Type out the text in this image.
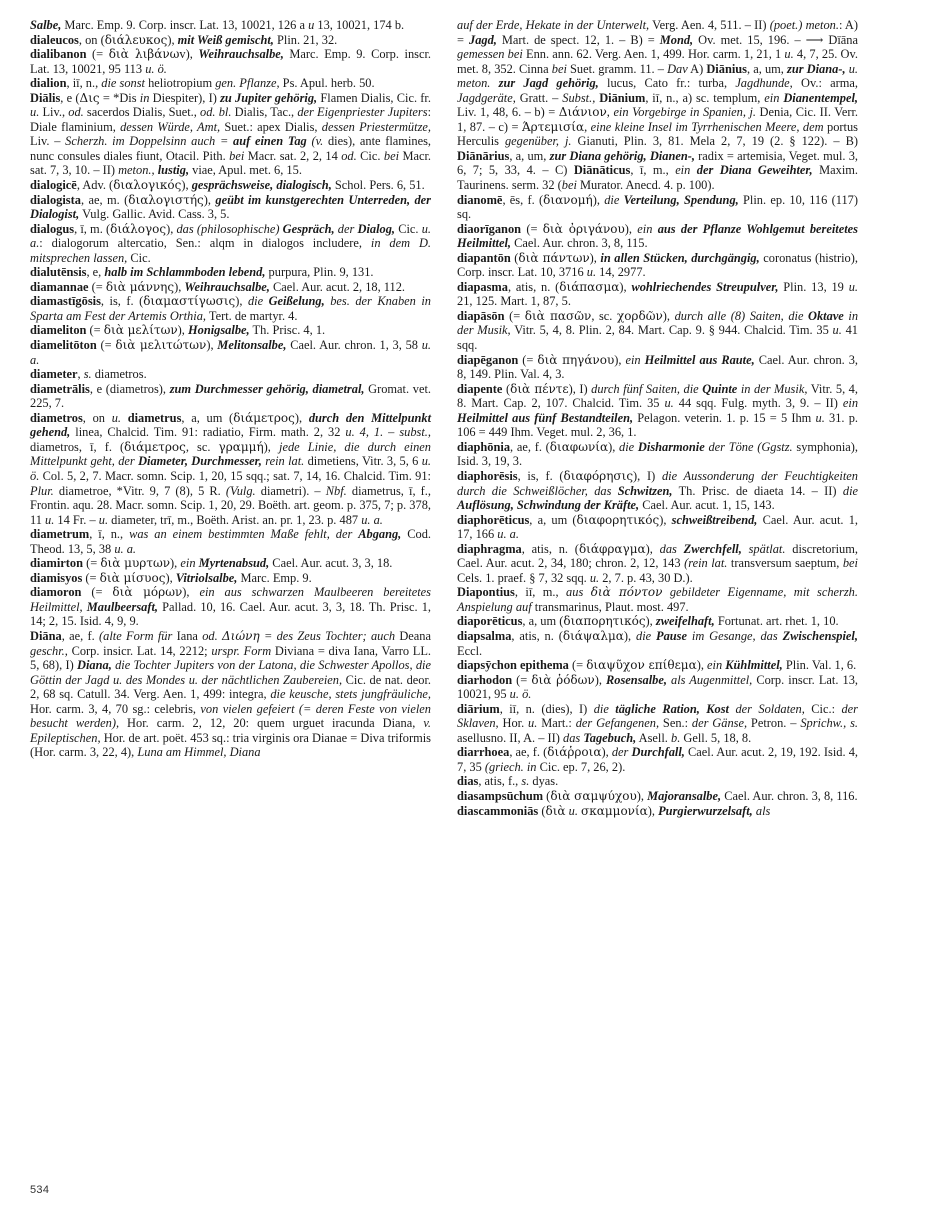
Salbe, Marc. Emp. 9. Corp. inscr. Lat. 13, 10021, 126 a u 13, 10021, 174 b.

dialeucos, on (διάλευκος), mit Weiß gemischt, Plin. 21, 32.

dialibanon (= διὰ λιβάνωv), Weihrauchsalbe, Marc. Emp. 9. Corp. inscr. Lat. 13, 10021, 95 113 u. ö.

dialion, iī, n., die sonst heliotropium gen. Pflanze, Ps. Apul. herb. 50.

Diālis, e (Δις = *Dis in Diespiter), I) zu Jupiter gehörig, Flamen Dialis, Cic. fr. u. Liv., od. sacerdos Dialis, Suet., od. bl. Dialis, Tac., der Eigenpriester Jupiters: Diale flaminium, dessen Würde, Amt, Suet.: apex Dialis, dessen Priestermütze, Liv. – Scherzh. im Doppelsinn auch = auf einen Tag (v. dies), ante flamines, nunc consules diales fiunt, Otacil. Pith. bei Macr. sat. 2, 2, 14 od. Cic. bei Macr. sat. 7, 3, 10. – II) meton., lustig, viae, Apul. met. 6, 15.

dialogicē, Adv. (διαλογικός), gesprächsweise, dialogisch, Schol. Pers. 6, 51.

dialogista, ae, m. (διαλογιστής), geübt im kunstgerechten Unterreden, der Dialogist, Vulg. Gallic. Avid. Cass. 3, 5.

dialogus, ī, m. (διάλογος), das (philosophische) Gespräch, der Dialog, Cic. u. a.: dialogorum altercatio, Sen.: alqm in dialogos includere, in dem D. mitsprechen lassen, Cic.

dialutēnsis, e, halb im Schlammboden lebend, purpura, Plin. 9, 131.

diamannae (= διὰ μάννης), Weihrauchsalbe, Cael. Aur. acut. 2, 18, 112.

diamastīgōsis, is, f. (διαμαστίγωσις), die Geißelung, bes. der Knaben in Sparta am Fest der Artemis Orthia, Tert. de martyr. 4.

diameliton (= διὰ μελίτων), Honigsalbe, Th. Prisc. 4, 1.

diamelitōton (= διὰ μελιτώτων), Melitonsalbe, Cael. Aur. chron. 1, 3, 58 u. a.

diameter, s. diametros.

diametrālis, e (diametros), zum Durchmesser gehörig, diametral, Gromat. vet. 225, 7.

diametros, on u. diametrus, a, um (διάμετρος), durch den Mittelpunkt gehend, linea, Chalcid. Tim. 91: radiatio, Firm. math. 2, 32 u. 4, 1. – subst., diametros, ī, f. (διάμετρος, sc. γραμμή), jede Linie, die durch einen Mittelpunkt geht, der Diameter, Durchmesser, rein lat. dimetiens, Vitr. 3, 5, 6 u. ö. Col. 5, 2, 7. Macr. somn. Scip. 1, 20, 15 sqq.; sat. 7, 14, 16. Chalcid. Tim. 91: Plur. diametroe, *Vitr. 9, 7 (8), 5 R. (Vulg. diametri). – Nbf. diametrus, ī, f., Frontin. aqu. 28. Macr. somn. Scip. 1, 20, 29. Boëth. art. geom. p. 375, 7; p. 378, 11 u. 14 Fr. – u. diameter, trī, m., Boëth. Arist. an. pr. 1, 23. p. 487 u. a.

diametrum, ī, n., was an einem bestimmten Maße fehlt, der Abgang, Cod. Theod. 13, 5, 38 u. a.

diamirton (= διὰ μυρτων), ein Myrtenabsud, Cael. Aur. acut. 3, 3, 18.

diamisyos (= διὰ μίσυος), Vitriolsalbe, Marc. Emp. 9.

diamoron (= διὰ μόρων), ein aus schwarzen Maulbeeren bereitetes Heilmittel, Maulbeersaft, Pallad. 10, 16. Cael. Aur. acut. 3, 3, 18. Th. Prisc. 1, 14; 2, 15. Isid. 4, 9, 9.

Diāna, ae, f. (alte Form für Iana od. Διώνη = des Zeus Tochter; auch Deana geschr., Corp. insicr. Lat. 14, 2212; urspr. Form Diviana = diva Iana, Varro LL. 5, 68), I) Diana, die Tochter Jupiters von der Latona, die Schwester Apollos, die Göttin der Jagd u. des Mondes u. der nächtlichen Zaubereien, Cic. de nat. deor. 2, 68 sq. Catull. 34. Verg. Aen. 1, 499: integra, die keusche, stets jungfräuliche, Hor. carm. 3, 4, 70 sg.: celebris, von vielen gefeiert (= deren Feste von vielen besucht werden), Hor. carm. 2, 12, 20: quem urguet iracunda Diana, v. Epileptischen, Hor. de art. poët. 453 sq.: tria virginis ora Dianae = Diva triformis (Hor. carm. 3, 22, 4), Luna am Himmel, Diana

auf der Erde, Hekate in der Unterwelt, Verg. Aen. 4, 511. – II) (poet.) meton.: A) = Jagd, Mart. de spect. 12, 1. – B) = Mond, Ov. met. 15, 196. – ⟶ Dīāna gemessen bei Enn. ann. 62. Verg. Aen. 1, 499. Hor. carm. 1, 21, 1 u. 4, 7, 25. Ov. met. 8, 352. Cinna bei Suet. gramm. 11. – Dav A) Diānius, a, um, zur Diana-, u. meton. zur Jagd gehörig, lucus, Cato fr.: turba, Jagdhunde, Ov.: arma, Jagdgeräte, Gratt. – Subst., Diānium, iī, n., a) sc. templum, ein Dianentempel, Liv. 1, 48, 6. – b) = Διάνιον, ein Vorgebirge in Spanien, j. Denia, Cic. II. Verr. 1, 87. – c) = Άρτεμισία, eine kleine Insel im Tyrrhenischen Meere, dem portus Herculis gegenüber, j. Gianuti, Plin. 3, 81. Mela 2, 7, 19 (2. § 122). – B) Diānārius, a, um, zur Diana gehörig, Dianen-, radix = artemisia, Veget. mul. 3, 6, 7; 5, 33, 4. – C) Diānāticus, ī, m., ein der Diana Geweihter, Maxim. Taurinens. serm. 32 (bei Murator. Anecd. 4. p. 100).

dianomē, ēs, f. (διανομή), die Verteilung, Spendung, Plin. ep. 10, 116 (117) sq.

diaorīganon (= διὰ ὀριγάνου), ein aus der Pflanze Wohlgemut bereitetes Heilmittel, Cael. Aur. chron. 3, 8, 115.

diapantōn (διὰ πάντων), in allen Stücken, durchgängig, coronatus (histrio), Corp. inscr. Lat. 10, 3716 u. 14, 2977.

diapasma, atis, n. (διάπασμα), wohlriechendes Streupulver, Plin. 13, 19 u. 21, 125. Mart. 1, 87, 5.

diapāsōn (= διὰ πασῶν, sc. χορδῶν), durch alle (8) Saiten, die Oktave in der Musik, Vitr. 5, 4, 8. Plin. 2, 84. Mart. Cap. 9. § 944. Chalcid. Tim. 35 u. 41 sqq.

diapēganon (= διὰ πηγάνου), ein Heilmittel aus Raute, Cael. Aur. chron. 3, 8, 149. Plin. Val. 4, 3.

diapente (διὰ πέντε), I) durch fünf Saiten, die Quinte in der Musik, Vitr. 5, 4, 8. Mart. Cap. 2, 107. Chalcid. Tim. 35 u. 44 sqq. Fulg. myth. 3, 9. – II) ein Heilmittel aus fünf Bestandteilen, Pelagon. veterin. 1. p. 15 = 5 Ihm u. 31. p. 106 = 449 Ihm. Veget. mul. 2, 36, 1.

diaphōnia, ae, f. (διαφωνία), die Disharmonie der Töne (Ggstz. symphonia), Isid. 3, 19, 3.

diaphorēsis, is, f. (διαφόρησις), I) die Aussonderung der Feuchtigkeiten durch die Schweißlöcher, das Schwitzen, Th. Prisc. de diaeta 14. – II) die Auflösung, Schwindung der Kräfte, Cael. Aur. acut. 1, 15, 143.

diaphorēticus, a, um (διαφορητικός), schweißtreibend, Cael. Aur. acut. 1, 17, 166 u. a.

diaphragma, atis, n. (διάφραγμα), das Zwerchfell, spätlat. discretorium, Cael. Aur. acut. 2, 34, 180; chron. 2, 12, 143 (rein lat. transversum saeptum, bei Cels. 1. praef. § 7, 32 sqq. u. 2, 7. p. 43, 30 D.).

Diapontius, iī, m., aus διὰ πόντον gebildeter Eigenname, mit scherzh. Anspielung auf transmarinus, Plaut. most. 497.

diaporēticus, a, um (διαπορητικός), zweifelhaft, Fortunat. art. rhet. 1, 10.

diapsalma, atis, n. (διάψαλμα), die Pause im Gesange, das Zwischenspiel, Eccl.

diapsȳchon epithema (= διαψῦχον επίθεμα), ein Kühlmittel, Plin. Val. 1, 6.

diarhodon (= διὰ ῥόδων), Rosensalbe, als Augenmittel, Corp. inscr. Lat. 13, 10021, 95 u. ö.

diārium, iī, n. (dies), I) die tägliche Ration, Kost der Soldaten, Cic.: der Sklaven, Hor. u. Mart.: der Gefangenen, Sen.: der Gänse, Petron. – Sprichw., s. asellusno. II, A. – II) das Tagebuch, Asell. b. Gell. 5, 18, 8.

diarrhoea, ae, f. (διάῥροια), der Durchfall, Cael. Aur. acut. 2, 19, 192. Isid. 4, 7, 35 (griech. in Cic. ep. 7, 26, 2).

dias, atis, f., s. dyas.

diasampsūchum (διὰ σαμψύχου), Majoransalbe, Cael. Aur. chron. 3, 8, 116.

diascammoniās (διὰ u. σκαμμονία), Purgierwurzelsaft, als

534
